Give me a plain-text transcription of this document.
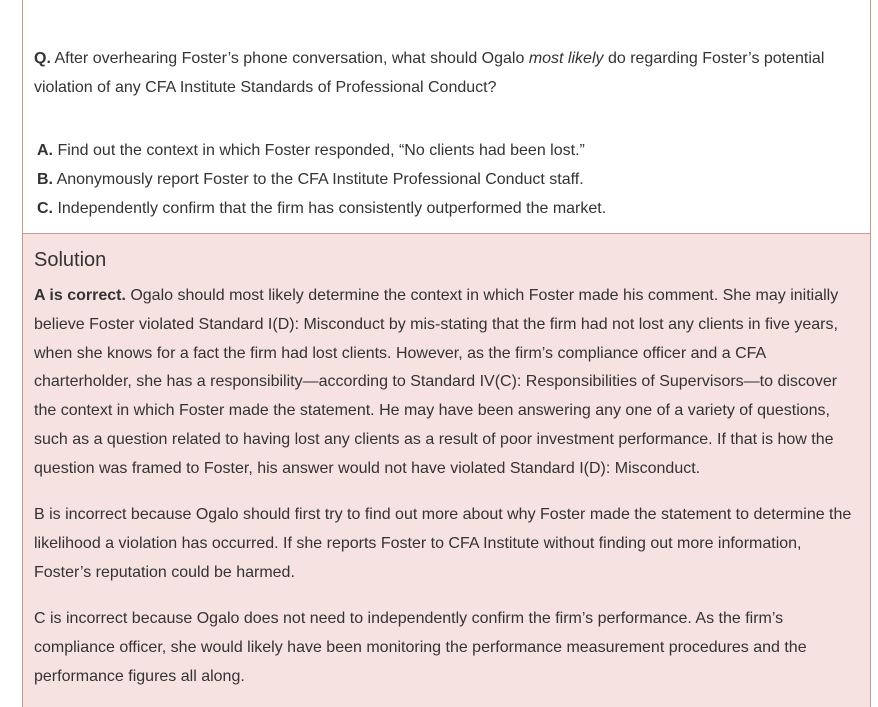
Q. After overhearing Foster’s phone conversation, what should Ogalo most likely do regarding Foster’s potential violation of any CFA Institute Standards of Professional Conduct?

A. Find out the context in which Foster responded, “No clients had been lost.”
B. Anonymously report Foster to the CFA Institute Professional Conduct staff.
C. Independently confirm that the firm has consistently outperformed the market.
Solution

A is correct. Ogalo should most likely determine the context in which Foster made his comment. She may initially believe Foster violated Standard I(D): Misconduct by mis-stating that the firm had not lost any clients in five years, when she knows for a fact the firm had lost clients. However, as the firm’s compliance officer and a CFA charterholder, she has a responsibility—according to Standard IV(C): Responsibilities of Supervisors—to discover the context in which Foster made the statement. He may have been answering any one of a variety of questions, such as a question related to having lost any clients as a result of poor investment performance. If that is how the question was framed to Foster, his answer would not have violated Standard I(D): Misconduct.

B is incorrect because Ogalo should first try to find out more about why Foster made the statement to determine the likelihood a violation has occurred. If she reports Foster to CFA Institute without finding out more information, Foster’s reputation could be harmed.

C is incorrect because Ogalo does not need to independently confirm the firm’s performance. As the firm’s compliance officer, she would likely have been monitoring the performance measurement procedures and the performance figures all along.
